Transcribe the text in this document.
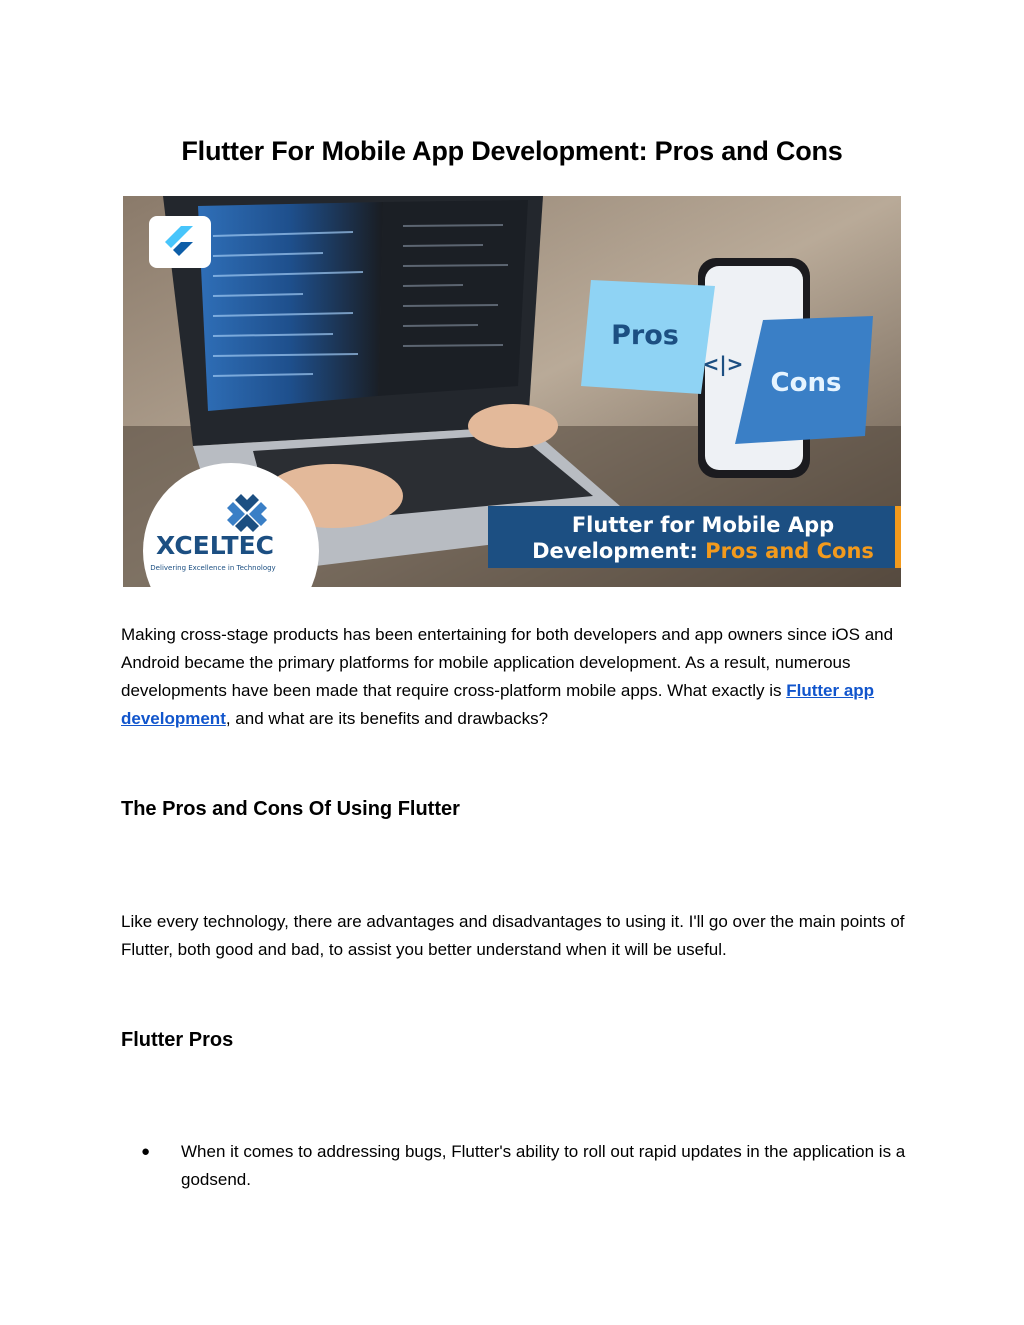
Flutter For Mobile App Development: Pros and Cons
Pros
<|>
Cons
Flutter for Mobile App
Development: Pros and Cons
XCELTEC
Delivering Excellence in Technology

Making cross-stage products has been entertaining for both developers and app owners since iOS and Android became the primary platforms for mobile application development. As a result, numerous developments have been made that require cross-platform mobile apps. What exactly is Flutter app development, and what are its benefits and drawbacks?

The Pros and Cons Of Using Flutter

Like every technology, there are advantages and disadvantages to using it. I'll go over the main points of Flutter, both good and bad, to assist you better understand when it will be useful.

Flutter Pros
● When it comes to addressing bugs, Flutter's ability to roll out rapid updates in the application is a godsend.
